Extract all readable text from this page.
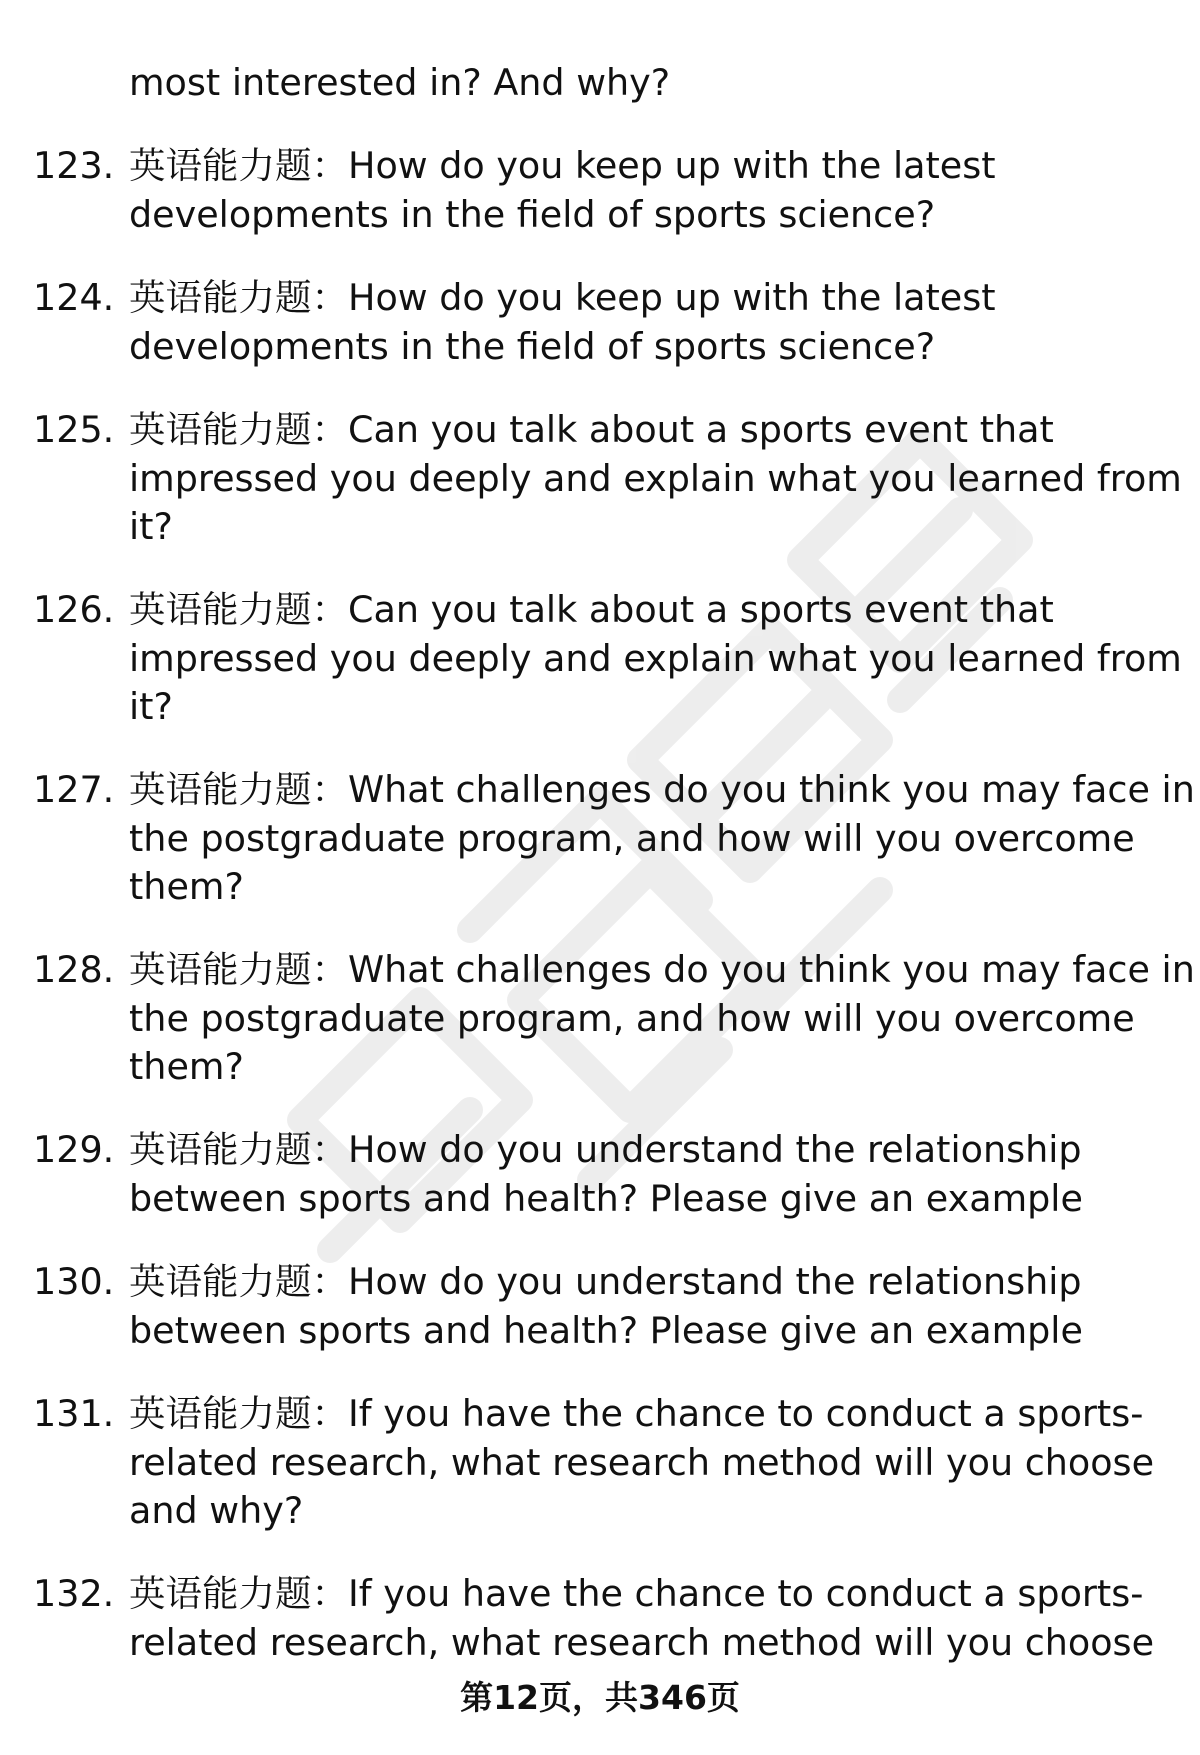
most interested in? And why?
123. 英语能力题：How do you keep up with the latest
developments in the field of sports science?
124. 英语能力题：How do you keep up with the latest
developments in the field of sports science?
125. 英语能力题：Can you talk about a sports event that
impressed you deeply and explain what you learned from
it?
126. 英语能力题：Can you talk about a sports event that
impressed you deeply and explain what you learned from
it?
127. 英语能力题：What challenges do you think you may face in
the postgraduate program, and how will you overcome
them?
128. 英语能力题：What challenges do you think you may face in
the postgraduate program, and how will you overcome
them?
129. 英语能力题：How do you understand the relationship
between sports and health? Please give an example
130. 英语能力题：How do you understand the relationship
between sports and health? Please give an example
131. 英语能力题：If you have the chance to conduct a sports-
related research, what research method will you choose
and why?
132. 英语能力题：If you have the chance to conduct a sports-
related research, what research method will you choose
第12页，共346页
